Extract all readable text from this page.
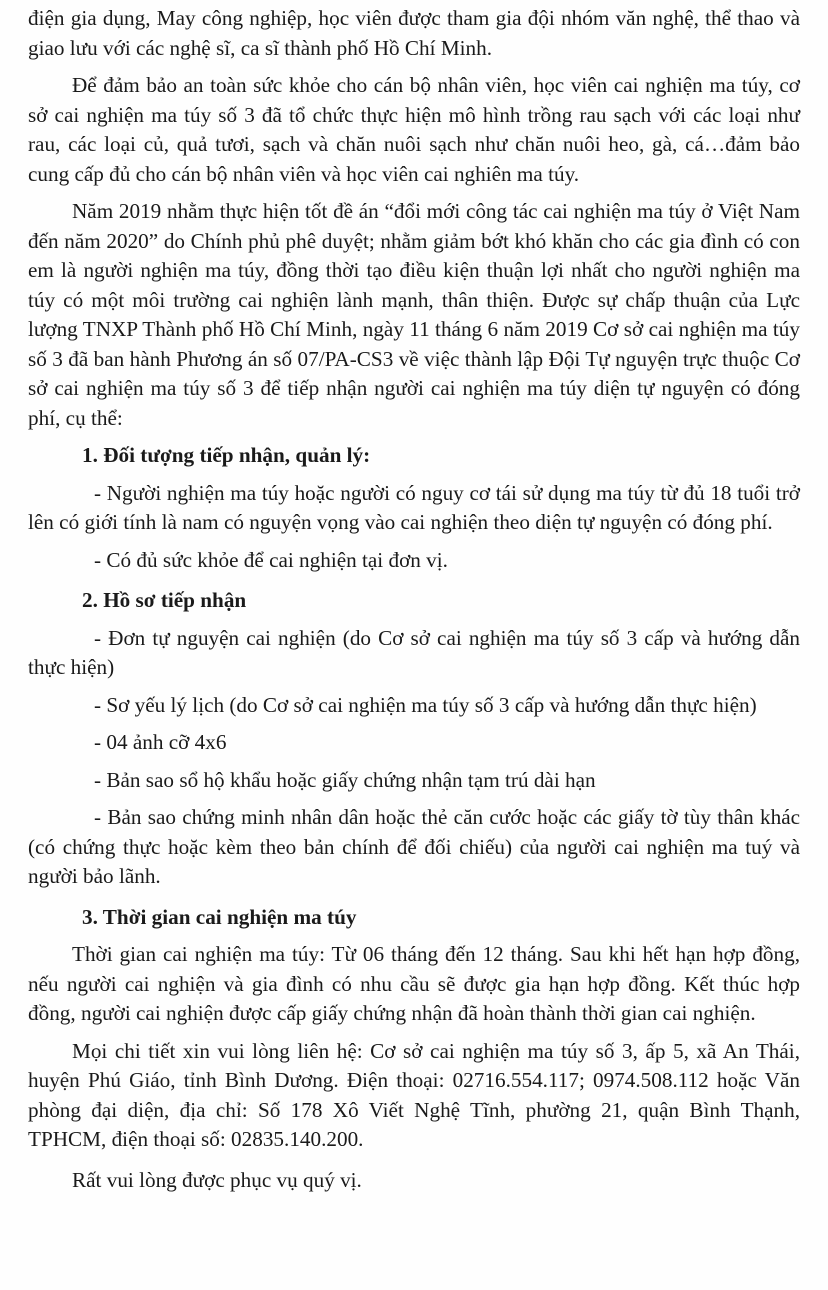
điện gia dụng, May công nghiệp, học viên được tham gia đội nhóm văn nghệ, thể thao và giao lưu với các nghệ sĩ, ca sĩ thành phố Hồ Chí Minh.

Để đảm bảo an toàn sức khỏe cho cán bộ nhân viên, học viên cai nghiện ma túy, cơ sở cai nghiện ma túy số 3 đã tổ chức thực hiện mô hình trồng rau sạch với các loại như rau, các loại củ, quả tươi, sạch và chăn nuôi sạch như chăn nuôi heo, gà, cá…đảm bảo cung cấp đủ cho cán bộ nhân viên và học viên cai nghiên ma túy.

Năm 2019 nhằm thực hiện tốt đề án “đổi mới công tác cai nghiện ma túy ở Việt Nam đến năm 2020” do Chính phủ phê duyệt; nhằm giảm bớt khó khăn cho các gia đình có con em là người nghiện ma túy, đồng thời tạo điều kiện thuận lợi nhất cho người nghiện ma túy có một môi trường cai nghiện lành mạnh, thân thiện. Được sự chấp thuận của Lực lượng TNXP Thành phố Hồ Chí Minh, ngày 11 tháng 6 năm 2019 Cơ sở cai nghiện ma túy số 3 đã ban hành Phương án số 07/PA-CS3 về việc thành lập Đội Tự nguyện trực thuộc Cơ sở cai nghiện ma túy số 3 để tiếp nhận người cai nghiện ma túy diện tự nguyện có đóng phí, cụ thể:

1. Đối tượng tiếp nhận, quản lý:

- Người nghiện ma túy hoặc người có nguy cơ tái sử dụng ma túy từ đủ 18 tuổi trở lên có giới tính là nam có nguyện vọng vào cai nghiện theo diện tự nguyện có đóng phí.

- Có đủ sức khỏe để cai nghiện tại đơn vị.

2. Hồ sơ tiếp nhận

- Đơn tự nguyện cai nghiện (do Cơ sở cai nghiện ma túy số 3 cấp và hướng dẫn thực hiện)

- Sơ yếu lý lịch (do Cơ sở cai nghiện ma túy số 3 cấp và hướng dẫn thực hiện)

- 04 ảnh cỡ 4x6

- Bản sao sổ hộ khẩu hoặc giấy chứng nhận tạm trú dài hạn

- Bản sao chứng minh nhân dân hoặc thẻ căn cước hoặc các giấy tờ tùy thân khác (có chứng thực hoặc kèm theo bản chính để đối chiếu) của người cai nghiện ma tuý và người bảo lãnh.

3. Thời gian cai nghiện ma túy

Thời gian cai nghiện ma túy: Từ 06 tháng đến 12 tháng. Sau khi hết hạn hợp đồng, nếu người cai nghiện và gia đình có nhu cầu sẽ được gia hạn hợp đồng. Kết thúc hợp đồng, người cai nghiện được cấp giấy chứng nhận đã hoàn thành thời gian cai nghiện.

Mọi chi tiết xin vui lòng liên hệ: Cơ sở cai nghiện ma túy số 3, ấp 5, xã An Thái, huyện Phú Giáo, tỉnh Bình Dương. Điện thoại: 02716.554.117; 0974.508.112 hoặc Văn phòng đại diện, địa chỉ: Số 178 Xô Viết Nghệ Tĩnh, phường 21, quận Bình Thạnh, TPHCM, điện thoại số: 02835.140.200.

Rất vui lòng được phục vụ quý vị.
